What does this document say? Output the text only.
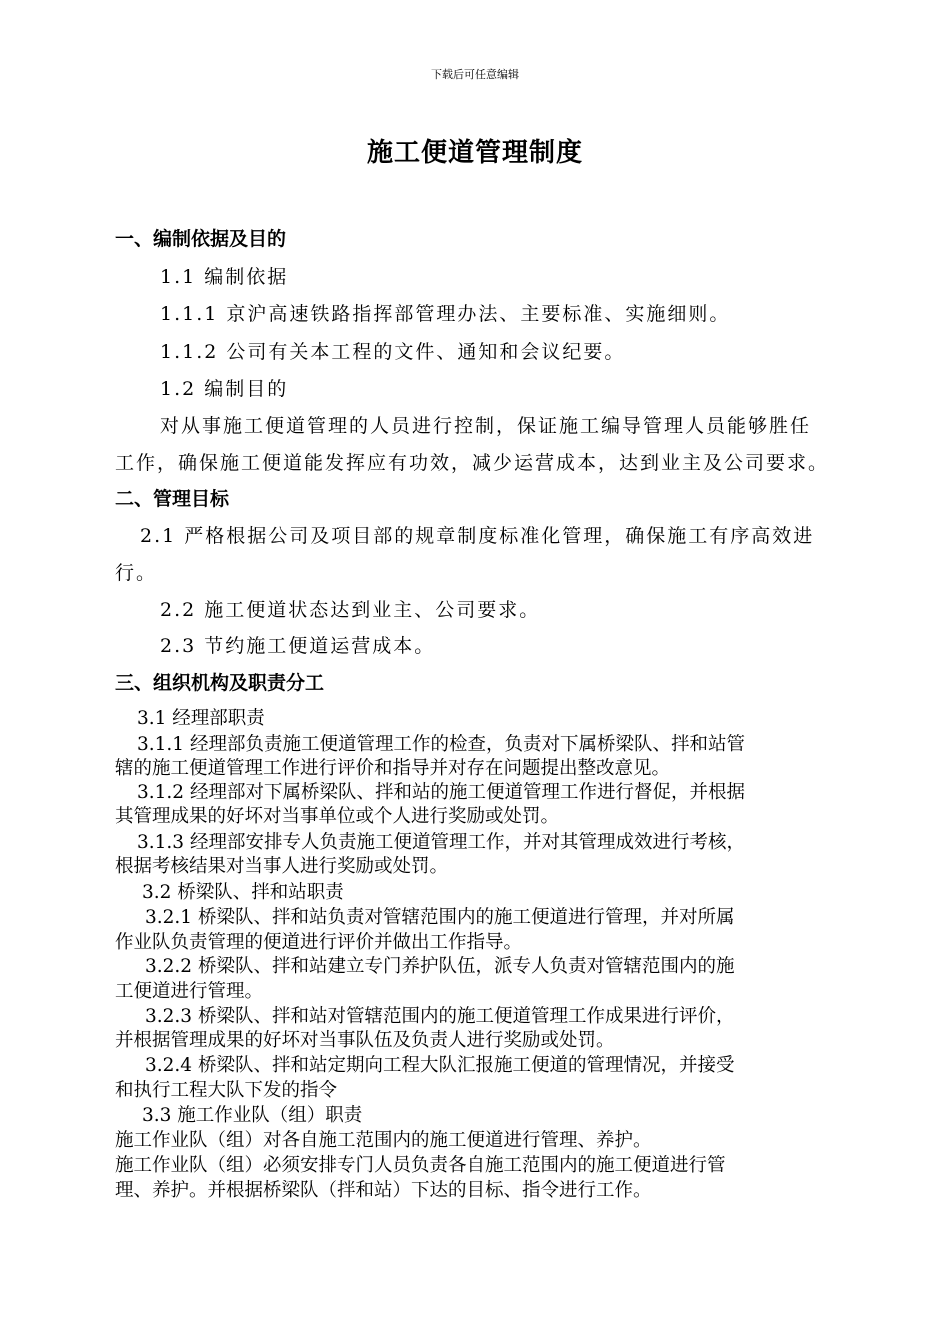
下载后可任意编辑
施工便道管理制度
一、编制依据及目的
1.1 编制依据
1.1.1 京沪高速铁路指挥部管理办法、主要标准、实施细则。
1.1.2 公司有关本工程的文件、通知和会议纪要。
1.2 编制目的
对从事施工便道管理的人员进行控制，保证施工编导管理人员能够胜任
工作，确保施工便道能发挥应有功效，减少运营成本，达到业主及公司要求。
二、管理目标
2.1 严格根据公司及项目部的规章制度标准化管理，确保施工有序高效进
行。
2.2 施工便道状态达到业主、公司要求。
2.3 节约施工便道运营成本。
三、组织机构及职责分工
3.1 经理部职责
3.1.1 经理部负责施工便道管理工作的检查，负责对下属桥梁队、拌和站管
辖的施工便道管理工作进行评价和指导并对存在问题提出整改意见。
3.1.2 经理部对下属桥梁队、拌和站的施工便道管理工作进行督促，并根据
其管理成果的好坏对当事单位或个人进行奖励或处罚。
3.1.3 经理部安排专人负责施工便道管理工作，并对其管理成效进行考核，
根据考核结果对当事人进行奖励或处罚。
3.2 桥梁队、拌和站职责
3.2.1 桥梁队、拌和站负责对管辖范围内的施工便道进行管理，并对所属
作业队负责管理的便道进行评价并做出工作指导。
3.2.2 桥梁队、拌和站建立专门养护队伍，派专人负责对管辖范围内的施
工便道进行管理。
3.2.3 桥梁队、拌和站对管辖范围内的施工便道管理工作成果进行评价，
并根据管理成果的好坏对当事队伍及负责人进行奖励或处罚。
3.2.4 桥梁队、拌和站定期向工程大队汇报施工便道的管理情况，并接受
和执行工程大队下发的指令
3.3 施工作业队（组）职责
施工作业队（组）对各自施工范围内的施工便道进行管理、养护。
施工作业队（组）必须安排专门人员负责各自施工范围内的施工便道进行管
理、养护。并根据桥梁队（拌和站）下达的目标、指令进行工作。
